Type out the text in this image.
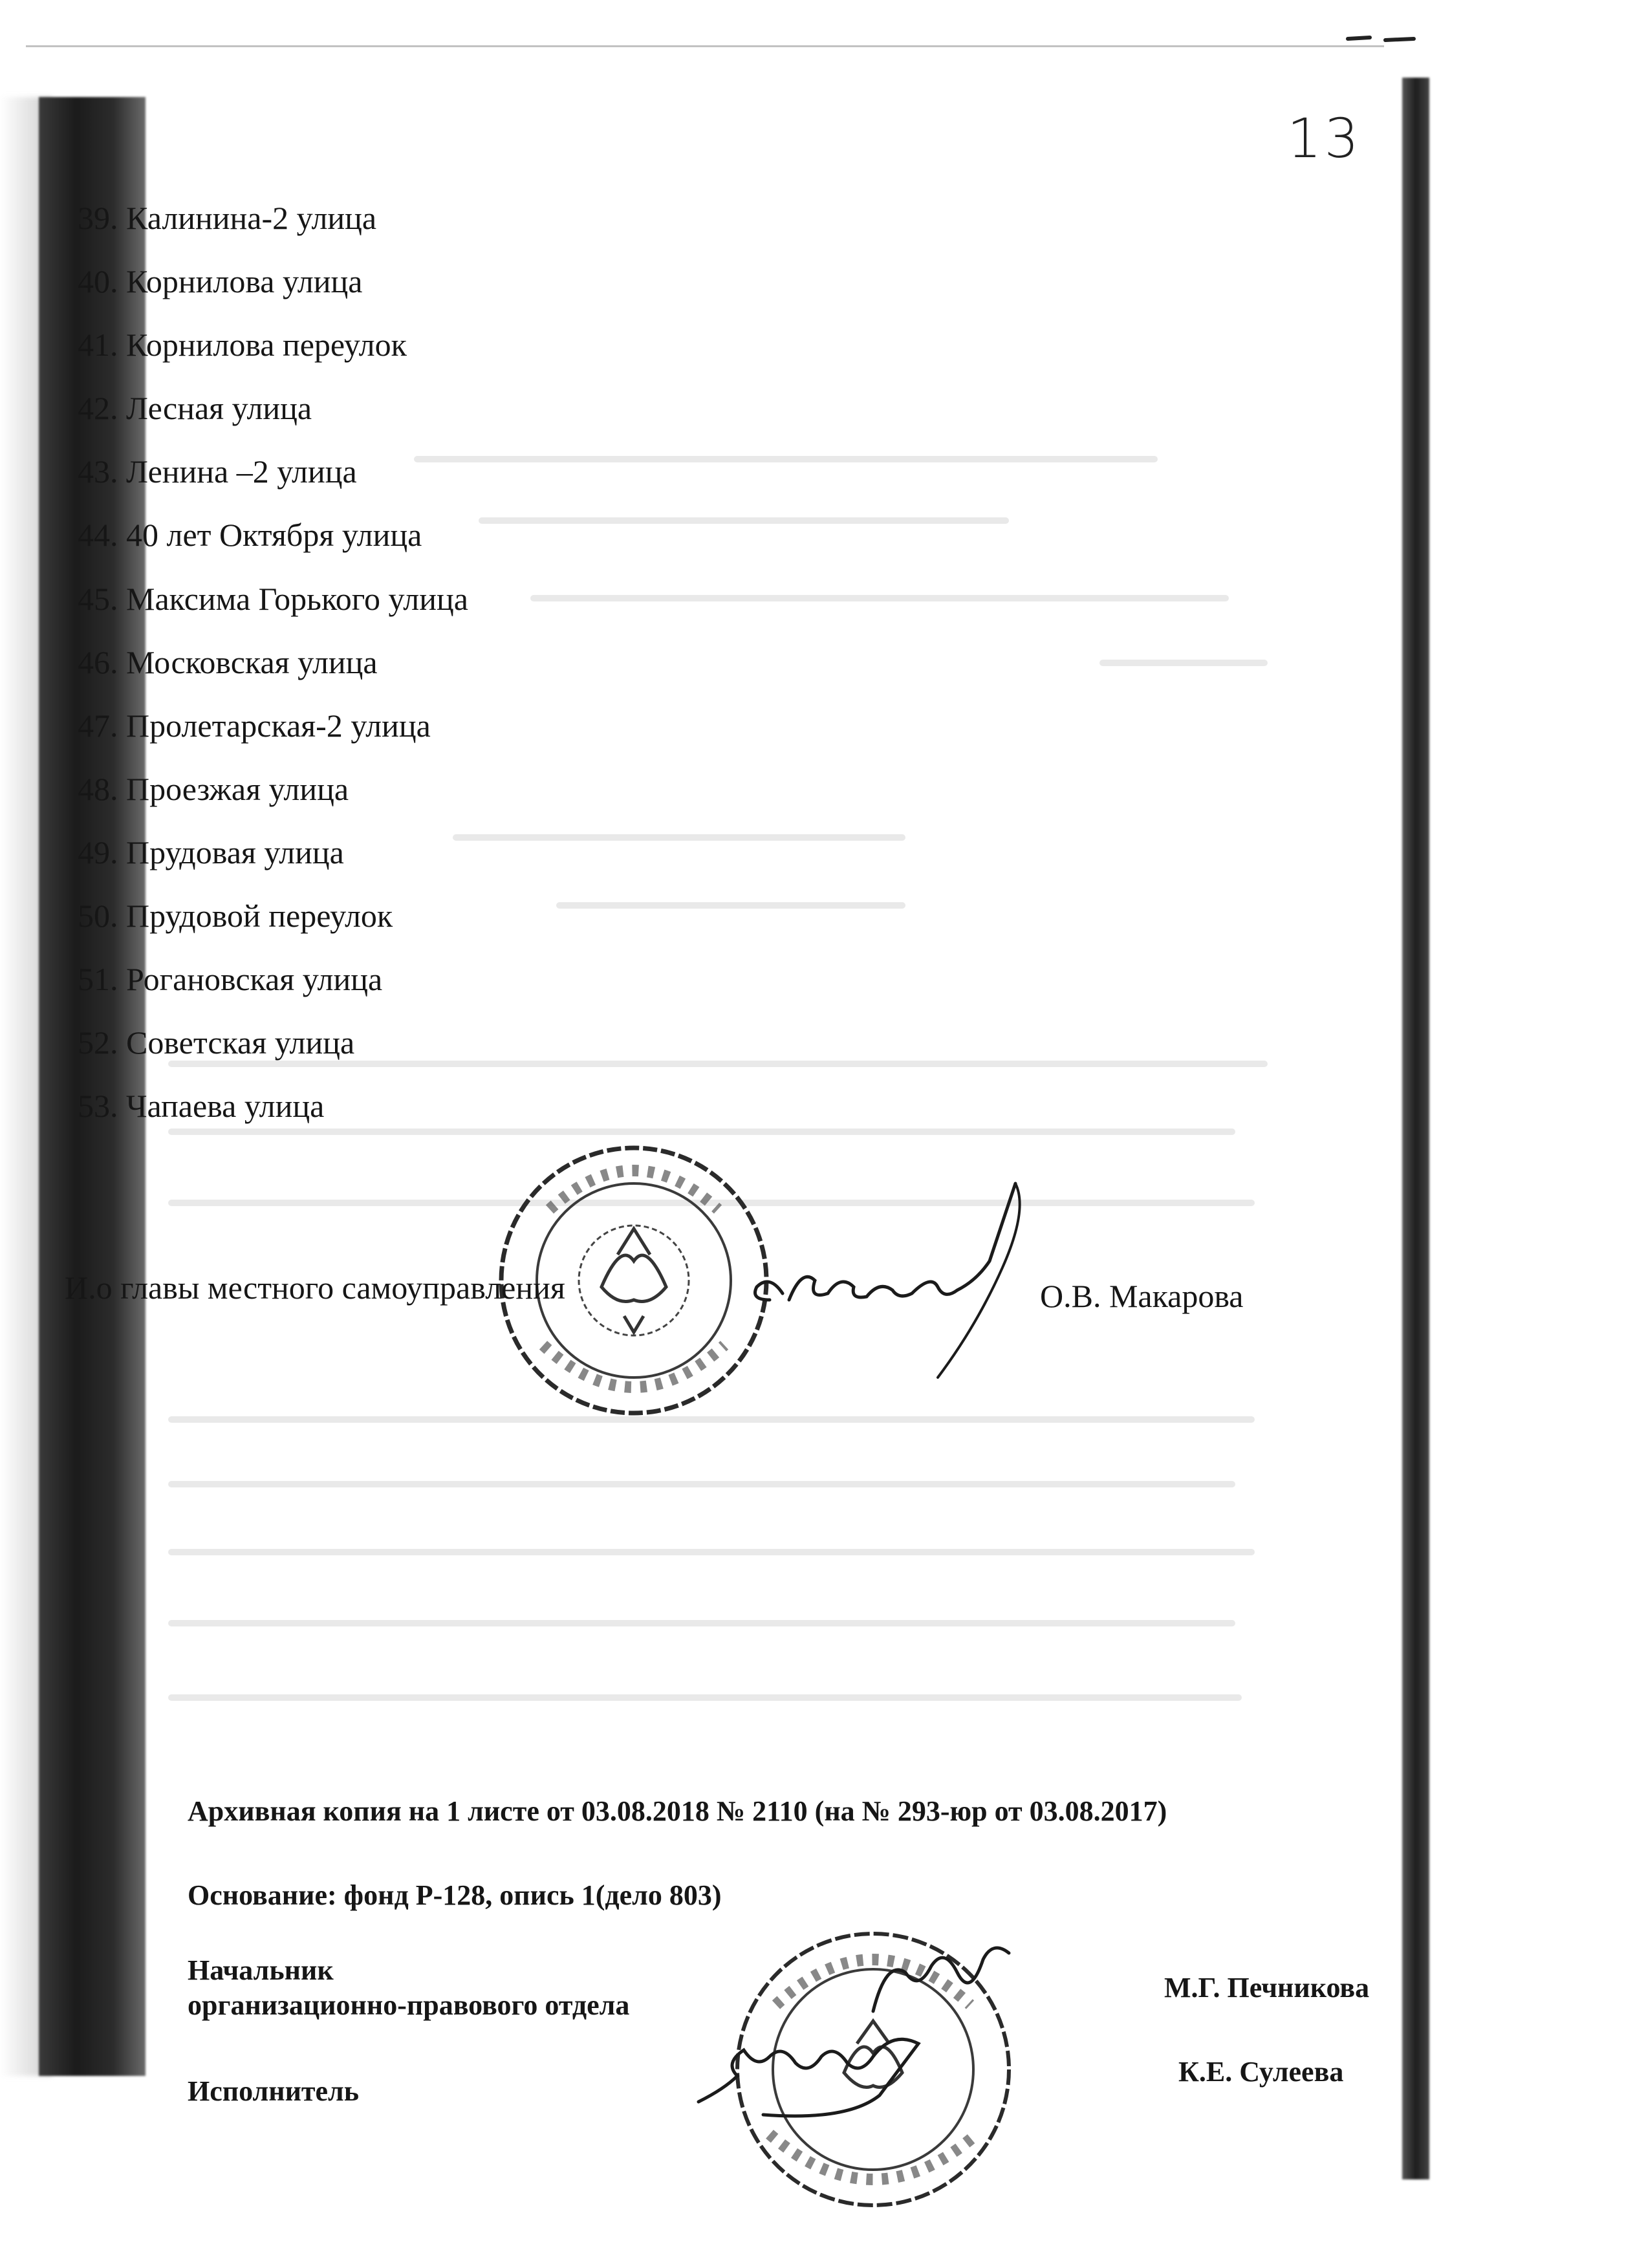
13
39. Калинина-2 улица
40. Корнилова улица
41. Корнилова переулок
42. Лесная улица
43. Ленина –2 улица
44. 40 лет Октября улица
45. Максима Горького улица
46. Московская улица
47. Пролетарская-2 улица
48. Проезжая улица
49. Прудовая улица
50. Прудовой переулок
51. Рогановская улица
52. Советская улица
53. Чапаева улица
И.о главы местного самоуправления	О.В. Макарова
Архивная копия на 1 листе от 03.08.2018 № 2110 (на № 293-юр от 03.08.2017)
Основание: фонд Р-128, опись 1(дело 803)
Начальник
организационно-правового отдела
М.Г. Печникова
Исполнитель
К.Е. Сулеева
